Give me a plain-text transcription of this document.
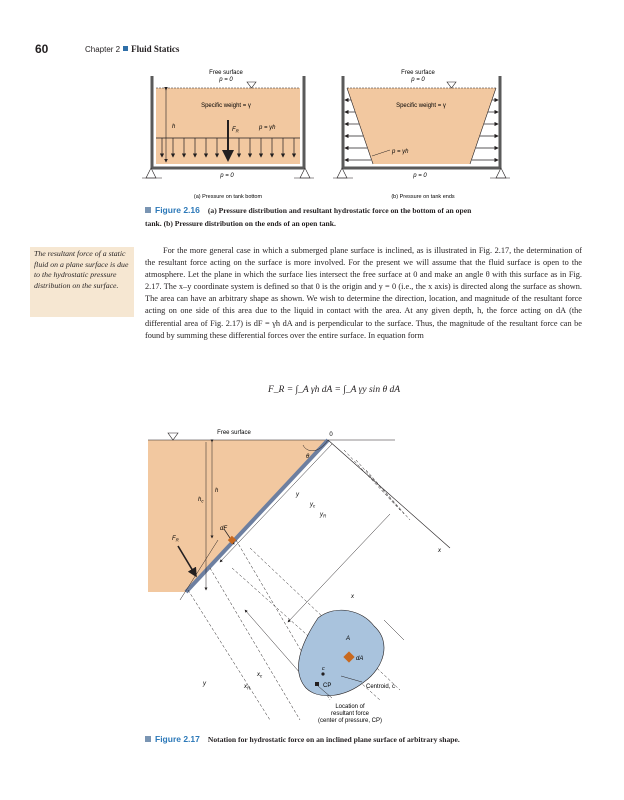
60	Chapter 2 Fluid Statics
Free surface
p = 0
Specific weight = γ
h	$F_R$	p = γh
p = 0
(a) Pressure on tank bottom
Free surface
p = 0
Specific weight = γ
p = γh
p = 0
(b) Pressure on tank ends
Figure 2.16 (a) Pressure distribution and resultant hydrostatic force on the bottom of an open tank. (b) Pressure distribution on the ends of an open tank.
The resultant force of a static fluid on a plane surface is due to the hydrostatic pressure distribution on the surface.

For the more general case in which a submerged plane surface is inclined, as is illustrated in Fig. 2.17, the determination of the resultant force acting on the surface is more involved. For the present we will assume that the fluid surface is open to the atmosphere. Let the plane in which the surface lies intersect the free surface at 0 and make an angle θ with this surface as in Fig. 2.17. The x–y coordinate system is defined so that 0 is the origin and y = 0 (i.e., the x axis) is directed along the surface as shown. The area can have an arbitrary shape as shown. We wish to determine the direction, location, and magnitude of the resultant force acting on one side of this area due to the liquid in contact with the area. At any given depth, h, the force acting on dA (the differential area of Fig. 2.17) is dF = γh dA and is perpendicular to the surface. Thus, the magnitude of the resultant force can be found by summing these differential forces over the entire surface. In equation form

F_R = ∫_A γh dA = ∫_A γy sin θ dA
Free surface	0
θ
h
$h_c$
dF
$F_R$
y
$y_c$
$y_R$
x
x
A
dA
c
CP	Centroid, c
Location of
resultant force
(center of pressure, CP)
$x_c$
$x_R$
y
Figure 2.17 Notation for hydrostatic force on an inclined plane surface of arbitrary shape.
